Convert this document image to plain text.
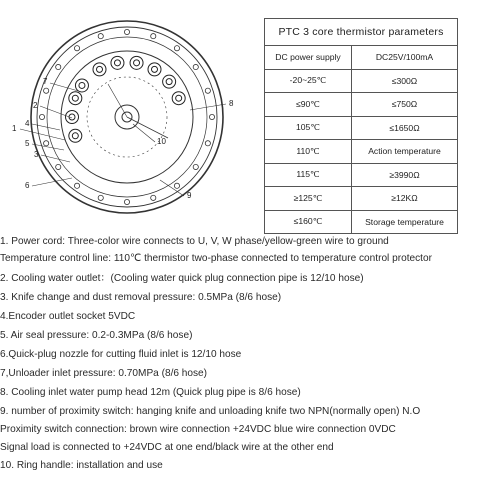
1
2
3
4
5
6
7
8
9
10
PTC 3 core thermistor parameters	
DC power supply	DC25V/100mA
-20~25℃	≤300Ω
≤90℃	≤750Ω
105℃	≤1650Ω
110℃	Action temperature
115℃	≥3990Ω
≥125℃	≥12KΩ
≤160℃	Storage temperature
1. Power cord: Three-color wire connects to U, V, W phase/yellow-green wire to ground
Temperature control line: 110℃ thermistor two-phase connected to temperature control protector
2. Cooling water outlet：(Cooling water quick plug connection pipe is 12/10 hose)
3. Knife change and dust removal pressure: 0.5MPa (8/6 hose)
4.Encoder outlet socket 5VDC
5. Air seal pressure: 0.2-0.3MPa (8/6 hose)
6.Quick-plug nozzle for cutting fluid inlet is 12/10 hose
7,Unloader inlet pressure: 0.70MPa (8/6 hose)
8. Cooling inlet water pump head 12m (Quick plug pipe is 8/6 hose)
9. number of proximity switch: hanging knife and unloading knife two NPN(normally open) N.O
Proximity switch connection: brown wire connection +24VDC blue wire connection 0VDC
Signal load is connected to +24VDC at one end/black wire at the other end
10. Ring handle: installation and use
